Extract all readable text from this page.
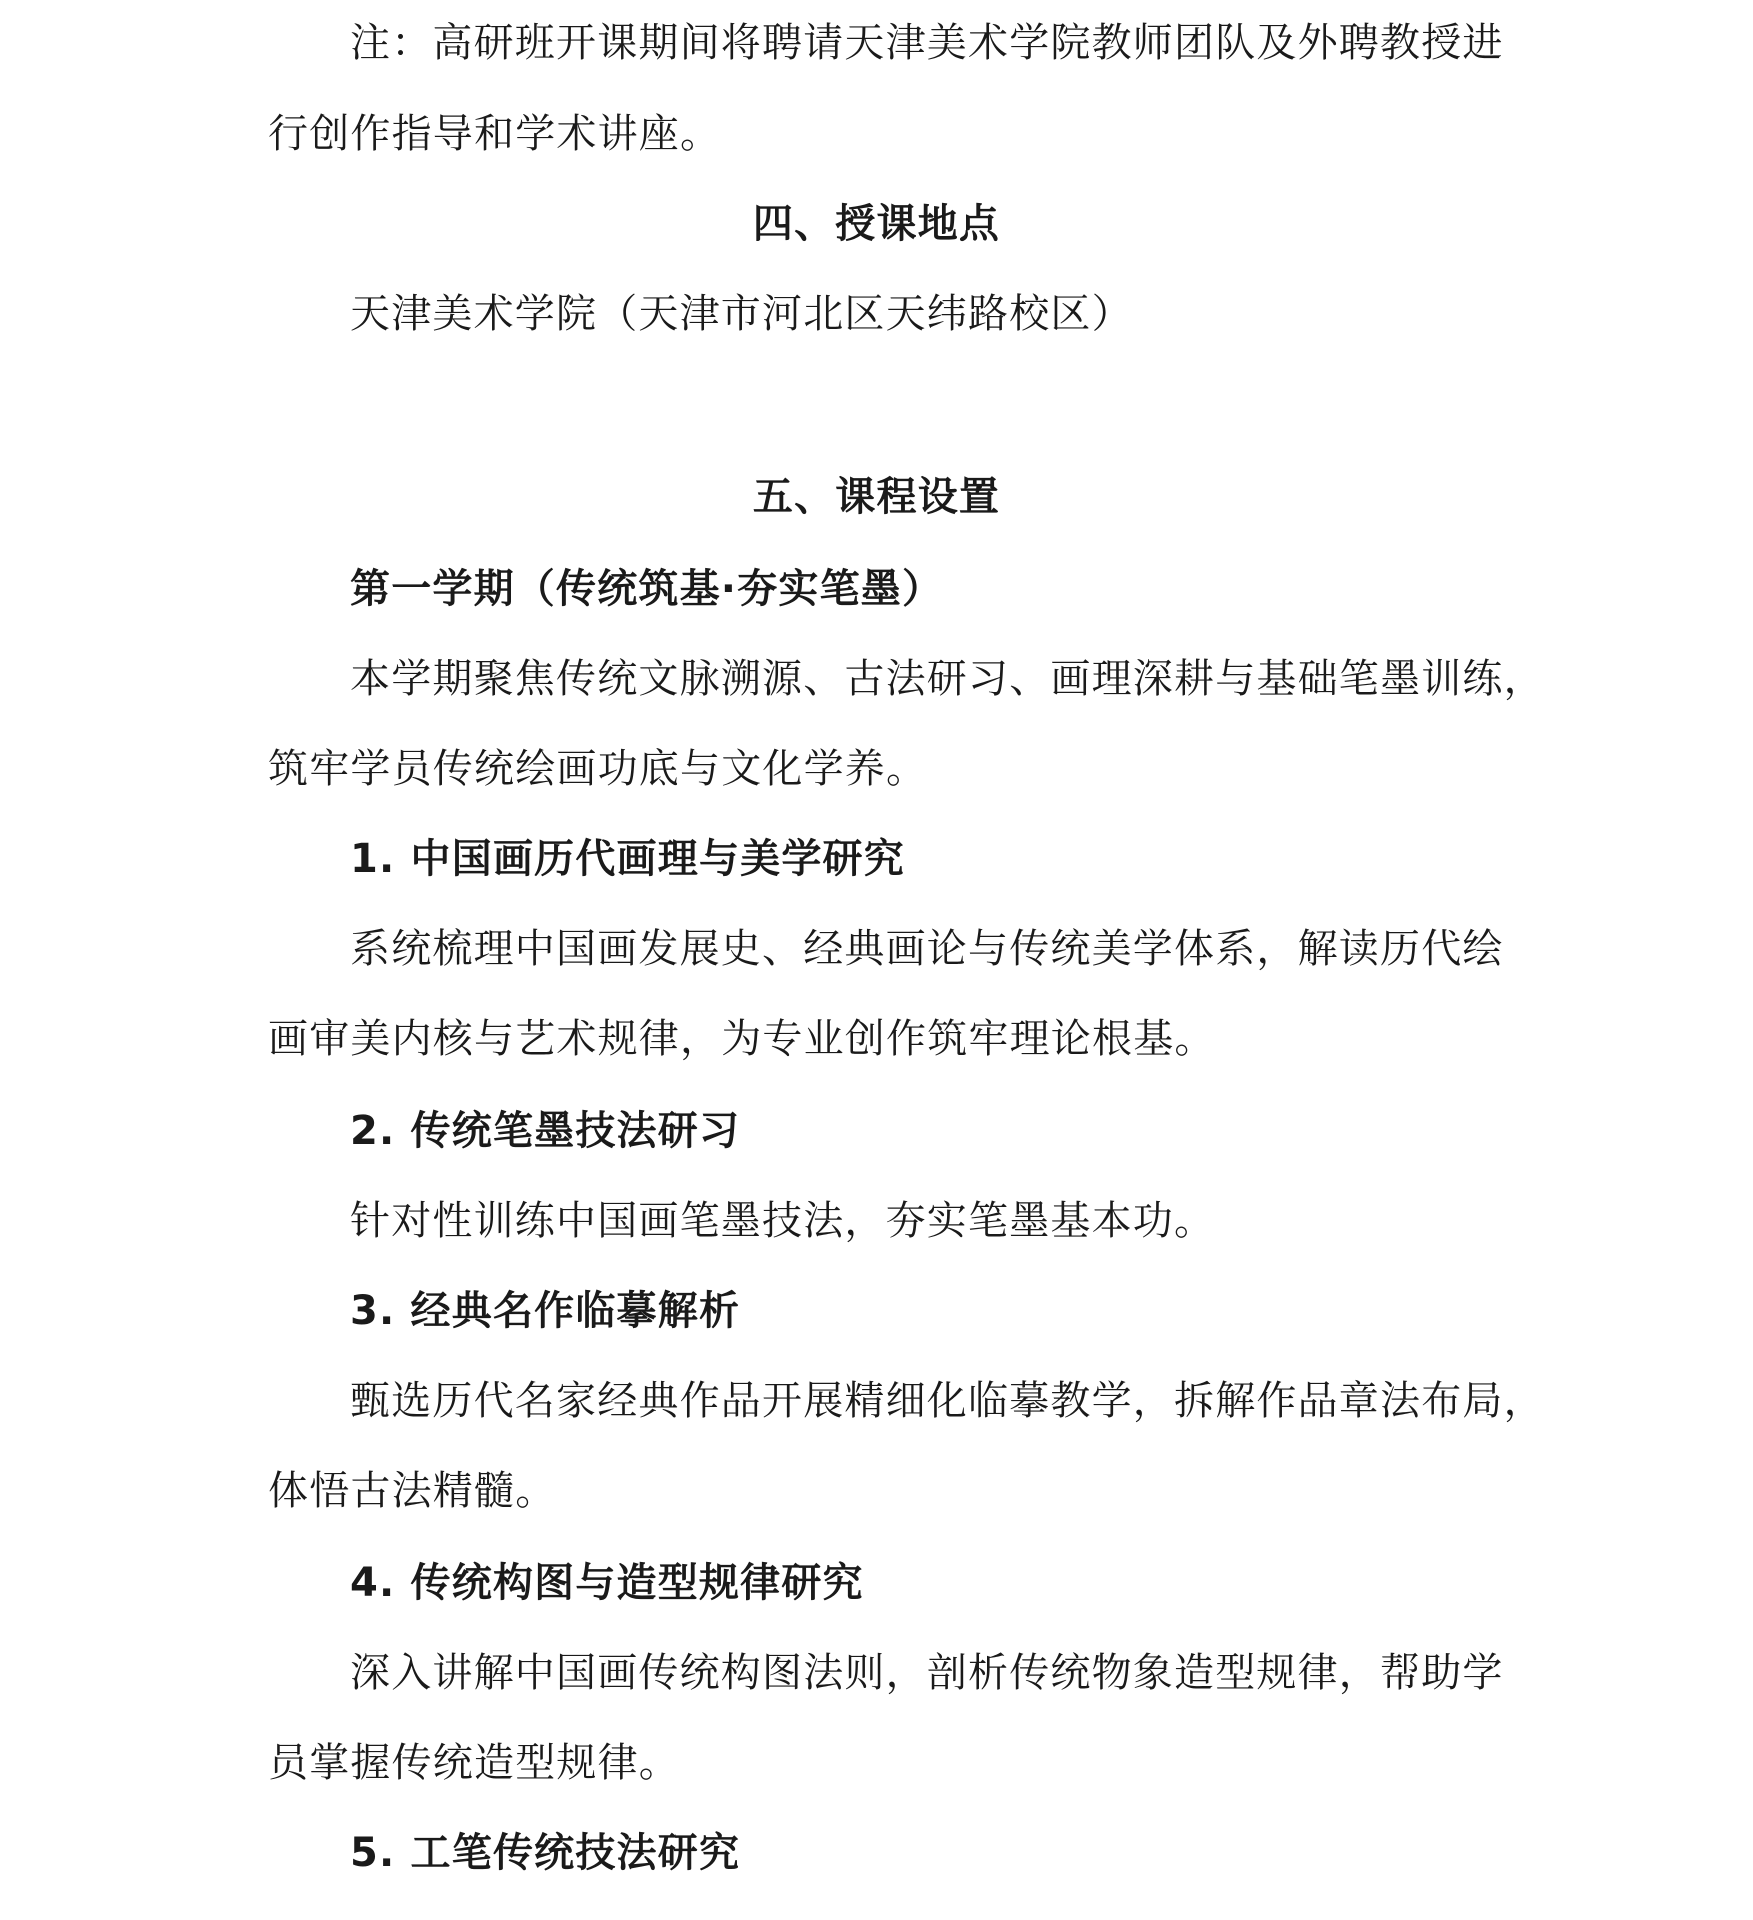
注：高研班开课期间将聘请天津美术学院教师团队及外聘教授进
行创作指导和学术讲座。
四、授课地点
天津美术学院（天津市河北区天纬路校区）
五、课程设置
第一学期（传统筑基·夯实笔墨）
本学期聚焦传统文脉溯源、古法研习、画理深耕与基础笔墨训练，
筑牢学员传统绘画功底与文化学养。
1. 中国画历代画理与美学研究
系统梳理中国画发展史、经典画论与传统美学体系，解读历代绘
画审美内核与艺术规律，为专业创作筑牢理论根基。
2. 传统笔墨技法研习
针对性训练中国画笔墨技法，夯实笔墨基本功。
3. 经典名作临摹解析
甄选历代名家经典作品开展精细化临摹教学，拆解作品章法布局，
体悟古法精髓。
4. 传统构图与造型规律研究
深入讲解中国画传统构图法则，剖析传统物象造型规律，帮助学
员掌握传统造型规律。
5. 工笔传统技法研究
